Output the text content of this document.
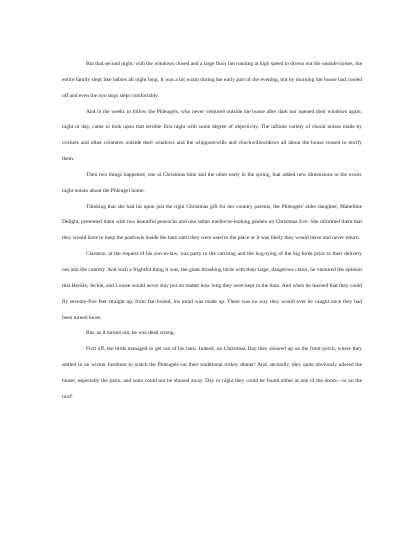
But that second night, with the windows closed and a large floor fan running at high speed to drown out the outside noises, the entire family slept like babies all night long. It was a bit warm during the early part of the evening, but by morning the house had cooled off and even the two dogs slept comfortably.

And in the weeks to follow the Phleugels, who never ventured outside the house after dark nor opened their windows again, night or day, came to look upon that terrible first night with some degree of objectivity. The infinite variety of choral noises made by crickets and other creatures outside their windows and the whippoorwills and chuckwillswidows all about the house ceased to terrify them.

Then two things happened, one at Christmas time and the other early in the spring, that added new dimensions to the exotic night noises about the Phleugel home.

Thinking that she had hit upon just the right Christmas gift for her country parents, the Phleugels' elder daughter, Mabelline Delight, presented them with two beautiful peacocks and one rather mediocre-looking peahen on Christmas Eve. She informed them that they would have to keep the peafowls inside the barn until they were used to the place or it was likely they would leave and never return.

Clarence, at the request of his son-in-law, was party to the catching and the hog-tying of the big birds prior to their delivery out into the country. And such a frightful thing it was, the giant thrashing birds with their large, dangerous claws, he ventured the opinion that Heckle, Jeckle, and Louise would never stay put no matter how long they were kept in the barn. And when he learned that they could fly seventy-five feet straight up, from flat-footed, his mind was made up. There was no way they would ever be caught once they had been turned loose.

But, as it turned out, he was dead wrong.

First off, the birds managed to get out of his barn. Indeed, on Christmas Day they showed up on the front porch, where they settled in on wicker furniture to watch the Phleugels eat their traditional turkey dinner! And, secondly, they quite obviously adored the house, especially the patio, and soon could not be shooed away. Day or night they could be found either at one of the doors—or on the roof!
